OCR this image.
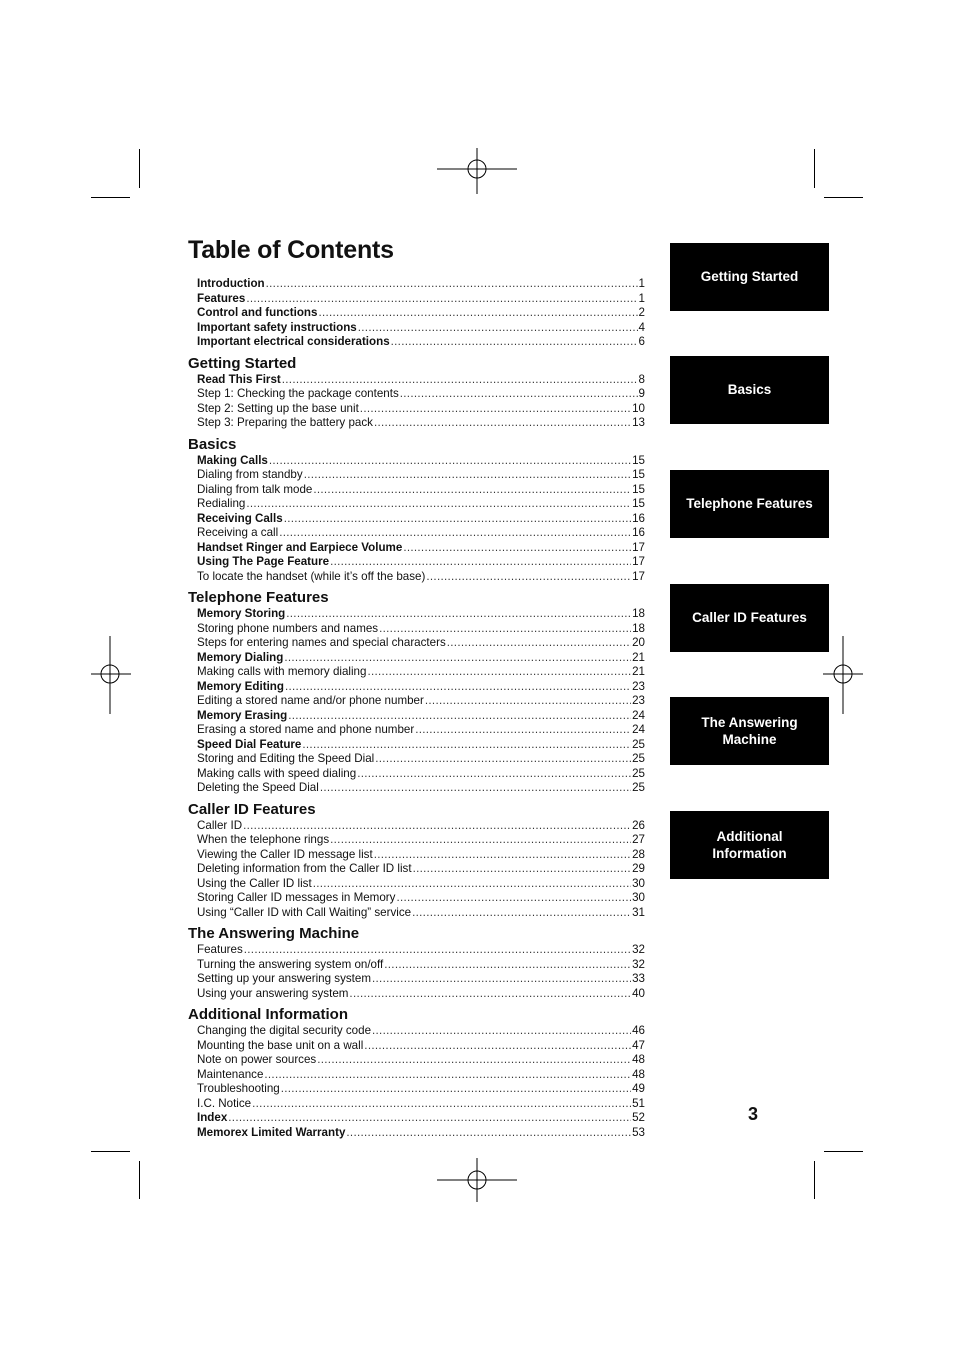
Table of Contents
Introduction .....	1
Features .....	1
Control and functions .....	2
Important safety instructions .....	4
Important electrical considerations .....	6
Getting Started
Read This First .....	8
Step 1: Checking the package contents .....	9
Step 2: Setting up the base unit .....	10
Step 3: Preparing the battery pack .....	13
Basics
Making Calls .....	15
Dialing from standby .....	15
Dialing from talk mode .....	15
Redialing .....	15
Receiving Calls .....	16
Receiving a call .....	16
Handset Ringer and Earpiece Volume .....	17
Using The Page Feature .....	17
To locate the handset (while it’s off the base) .....	17
Telephone Features
Memory Storing .....	18
Storing phone numbers and names .....	18
Steps for entering names and special characters .....	20
Memory Dialing .....	21
Making calls with memory dialing .....	21
Memory Editing .....	23
Editing a stored name and/or phone number .....	23
Memory Erasing .....	24
Erasing a stored name and phone number .....	24
Speed Dial Feature .....	25
Storing and Editing the Speed Dial .....	25
Making calls with speed dialing .....	25
Deleting the Speed Dial .....	25
Caller ID Features
Caller ID .....	26
When the telephone rings .....	27
Viewing the Caller ID message list .....	28
Deleting information from the Caller ID list .....	29
Using the Caller ID list .....	30
Storing Caller ID messages in Memory .....	30
Using “Caller ID with Call Waiting” service .....	31
The Answering Machine
Features .....	32
Turning the answering system on/off .....	32
Setting up your answering system .....	33
Using your answering system .....	40
Additional Information
Changing the digital security code .....	46
Mounting the base unit on a wall .....	47
Note on power sources .....	48
Maintenance .....	48
Troubleshooting .....	49
I.C. Notice .....	51
Index .....	52
Memorex Limited Warranty .....	53
Getting Started
Basics
Telephone Features
Caller ID Features
The Answering Machine
Additional Information
3
